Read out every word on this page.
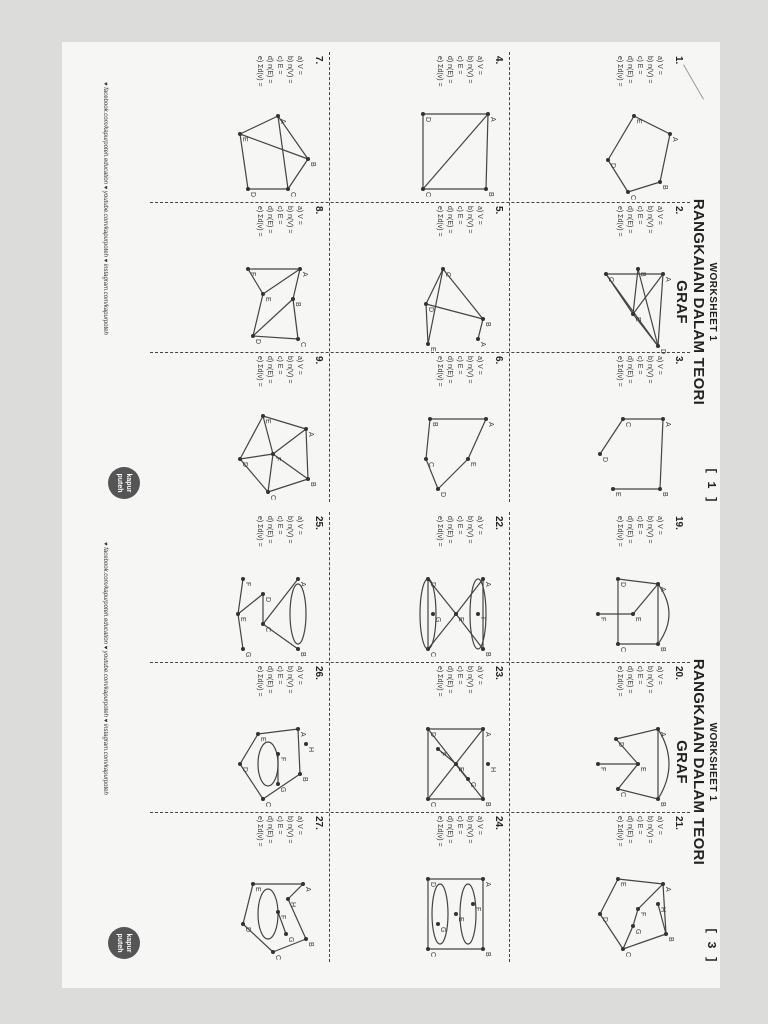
WORKSHEET 1
RANGKAIAN DALAM TEORI GRAF
[ 1 ]
♥ facebook.com/kapurpoteh.education ♥ youtube.com/kapurpoteh ♥ instagram.com/kapurpoteh
kapur puteh
1.
a) V =
b) n(V) =
c) E =
d) n(E) =
e) Σd(v) =
A
B
C
D
E
2.
a) V =
b) n(V) =
c) E =
d) n(E) =
e) Σd(v) =
A
B
C
D
E
3.
a) V =
b) n(V) =
c) E =
d) n(E) =
e) Σd(v) =
A
B
C
D
E
4.
a) V =
b) n(V) =
c) E =
d) n(E) =
e) Σd(v) =
A
B
C
D
5.
a) V =
b) n(V) =
c) E =
d) n(E) =
e) Σd(v) =
A
B
C
D
E
6.
a) V =
b) n(V) =
c) E =
d) n(E) =
e) Σd(v) =
A
B
C
D
E
7.
a) V =
b) n(V) =
c) E =
d) n(E) =
e) Σd(v) =
A
B
C
D
E
8.
a) V =
b) n(V) =
c) E =
d) n(E) =
e) Σd(v) =
A
B
C
D
E
F
9.
a) V =
b) n(V) =
c) E =
d) n(E) =
e) Σd(v) =
A
B
C
D
E
F
WORKSHEET 1
RANGKAIAN DALAM TEORI GRAF
[ 3 ]
♥ facebook.com/kapurpoteh.education ♥ youtube.com/kapurpoteh ♥ instagram.com/kapurpoteh
kapur puteh
19.
a) V =
b) n(V) =
c) E =
d) n(E) =
e) Σd(v) =
A
B
C
D
E
F
20.
a) V =
b) n(V) =
c) E =
d) n(E) =
e) Σd(v) =
A
B
C
D
E
F
21.
a) V =
b) n(V) =
c) E =
d) n(E) =
e) Σd(v) =
A
B
C
D
E
F
G
H
22.
a) V =
b) n(V) =
c) E =
d) n(E) =
e) Σd(v) =
A
B
C
D
E F
G
23.
a) V =
b) n(V) =
c) E =
d) n(E) =
e) Σd(v) =
A
B
C
D
E
F
G
H
24.
a) V =
b) n(V) =
c) E =
d) n(E) =
e) Σd(v) =
A
B
C
D
E
F
G
25.
a) V =
b) n(V) =
c) E =
d) n(E) =
e) Σd(v) =
A
B
C
D
E
F
G
26.
a) V =
b) n(V) =
c) E =
d) n(E) =
e) Σd(v) =
A
B
C
D
E
F
G
H
27.
a) V =
b) n(V) =
c) E =
d) n(E) =
e) Σd(v) =
A
B
C
D
E
F
G
H
